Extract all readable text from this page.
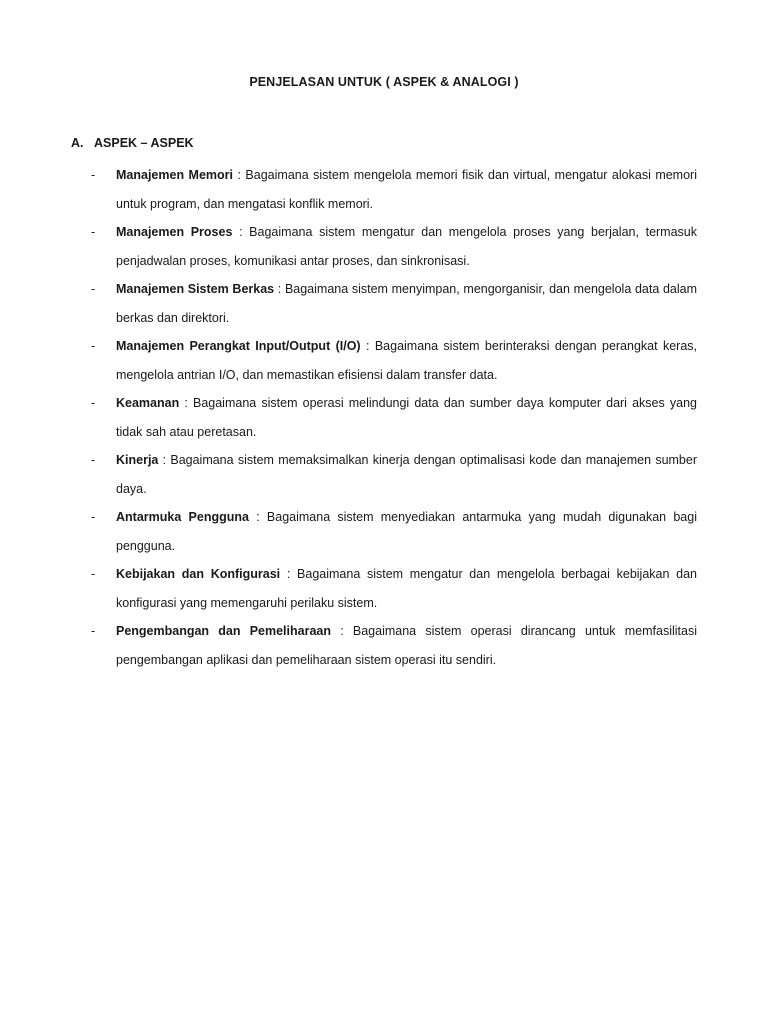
PENJELASAN UNTUK ( ASPEK & ANALOGI )
A. ASPEK – ASPEK
-	Manajemen Memori : Bagaimana sistem mengelola memori fisik dan virtual, mengatur alokasi memori untuk program, dan mengatasi konflik memori.
-	Manajemen Proses : Bagaimana sistem mengatur dan mengelola proses yang berjalan, termasuk penjadwalan proses, komunikasi antar proses, dan sinkronisasi.
-	Manajemen Sistem Berkas : Bagaimana sistem menyimpan, mengorganisir, dan mengelola data dalam berkas dan direktori.
-	Manajemen Perangkat Input/Output (I/O) : Bagaimana sistem berinteraksi dengan perangkat keras, mengelola antrian I/O, dan memastikan efisiensi dalam transfer data.
-	Keamanan : Bagaimana sistem operasi melindungi data dan sumber daya komputer dari akses yang tidak sah atau peretasan.
-	Kinerja : Bagaimana sistem memaksimalkan kinerja dengan optimalisasi kode dan manajemen sumber daya.
-	Antarmuka Pengguna : Bagaimana sistem menyediakan antarmuka yang mudah digunakan bagi pengguna.
-	Kebijakan dan Konfigurasi : Bagaimana sistem mengatur dan mengelola berbagai kebijakan dan konfigurasi yang memengaruhi perilaku sistem.
-	Pengembangan dan Pemeliharaan : Bagaimana sistem operasi dirancang untuk memfasilitasi pengembangan aplikasi dan pemeliharaan sistem operasi itu sendiri.
